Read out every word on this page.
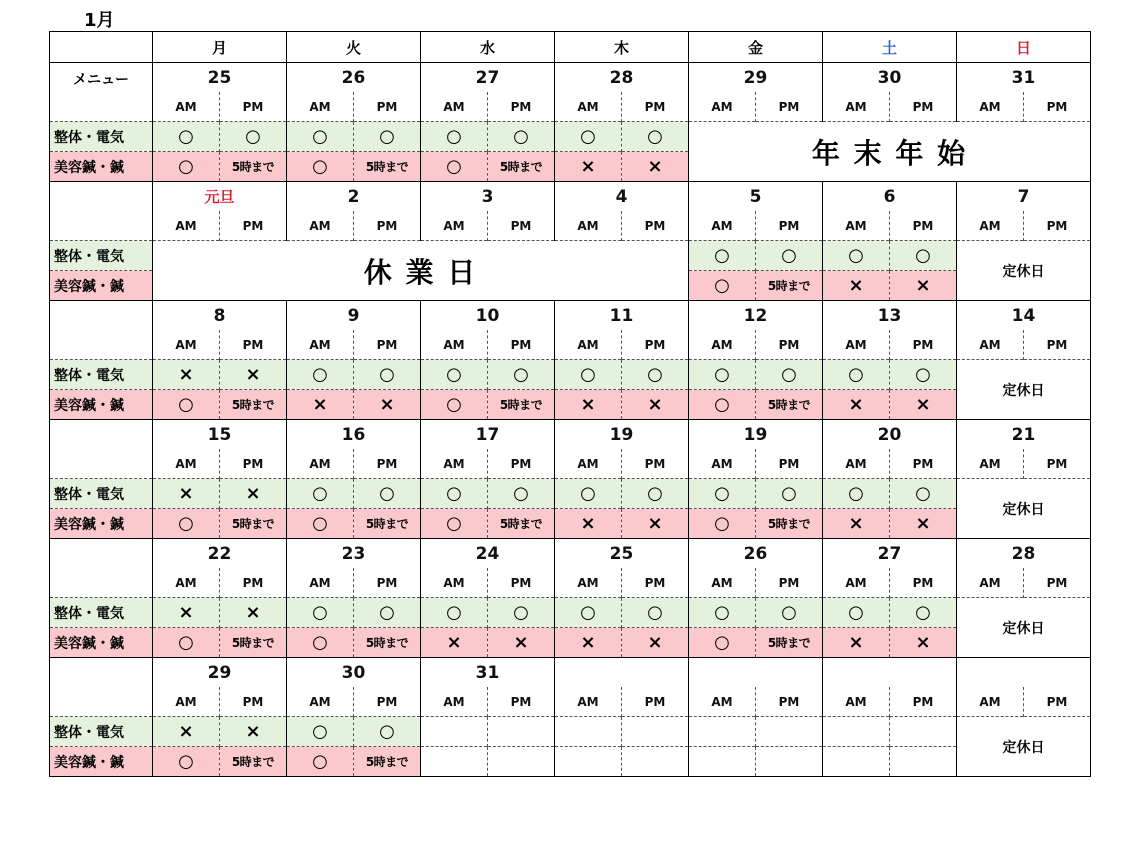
1月
	月		火		水		木		金		土		日	
メニュー	25		26		27		28		29		30		31	
	AM	PM	AM	PM	AM	PM	AM	PM	AM	PM	AM	PM	AM	PM
整体・電気	○	○	○	○	○	○	○	○	年 末 年 始					
美容鍼・鍼	○	5時まで	○	5時まで	○	5時まで	×	×						
	元旦		2		3		4		5		6		7	
	AM	PM	AM	PM	AM	PM	AM	PM	AM	PM	AM	PM	AM	PM
整体・電気	休 業 日								○	○	○	○	定休日	
美容鍼・鍼									○	5時まで	×	×		
	8		9		10		11		12		13		14	
	AM	PM	AM	PM	AM	PM	AM	PM	AM	PM	AM	PM	AM	PM
整体・電気	×	×	○	○	○	○	○	○	○	○	○	○	定休日	
美容鍼・鍼	○	5時まで	×	×	○	5時まで	×	×	○	5時まで	×	×		
	15		16		17		19		19		20		21	
	AM	PM	AM	PM	AM	PM	AM	PM	AM	PM	AM	PM	AM	PM
整体・電気	×	×	○	○	○	○	○	○	○	○	○	○	定休日	
美容鍼・鍼	○	5時まで	○	5時まで	○	5時まで	×	×	○	5時まで	×	×		
	22		23		24		25		26		27		28	
	AM	PM	AM	PM	AM	PM	AM	PM	AM	PM	AM	PM	AM	PM
整体・電気	×	×	○	○	○	○	○	○	○	○	○	○	定休日	
美容鍼・鍼	○	5時まで	○	5時まで	×	×	×	×	○	5時まで	×	×		
	29		30		31									
	AM	PM	AM	PM	AM	PM	AM	PM	AM	PM	AM	PM	AM	PM
整体・電気	×	×	○	○									定休日	
美容鍼・鍼	○	5時まで	○	5時まで										
